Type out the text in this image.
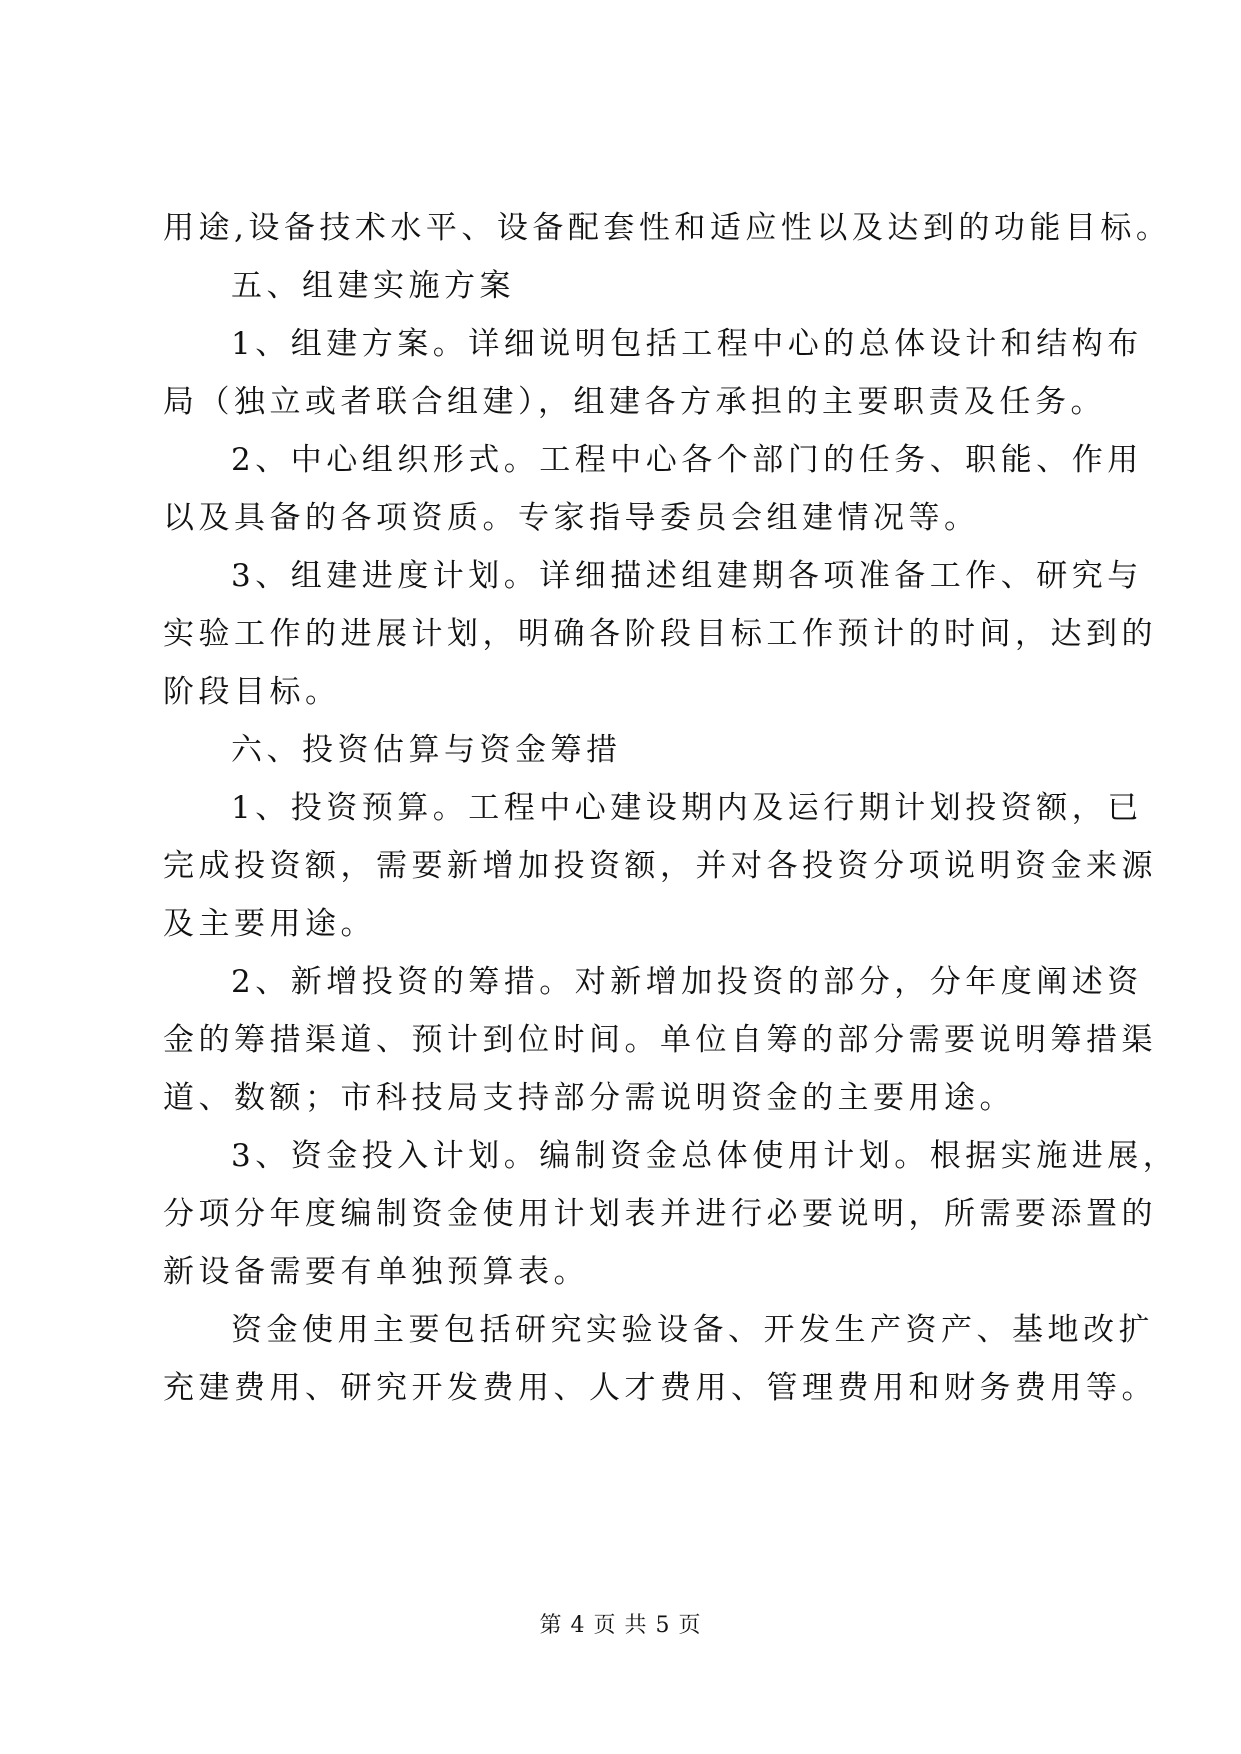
用途,设备技术水平、设备配套性和适应性以及达到的功能目标。
五、组建实施方案
1、组建方案。详细说明包括工程中心的总体设计和结构布
局（独立或者联合组建），组建各方承担的主要职责及任务。
2、中心组织形式。工程中心各个部门的任务、职能、作用
以及具备的各项资质。专家指导委员会组建情况等。
3、组建进度计划。详细描述组建期各项准备工作、研究与
实验工作的进展计划，明确各阶段目标工作预计的时间，达到的
阶段目标。
六、投资估算与资金筹措
1、投资预算。工程中心建设期内及运行期计划投资额，已
完成投资额，需要新增加投资额，并对各投资分项说明资金来源
及主要用途。
2、新增投资的筹措。对新增加投资的部分，分年度阐述资
金的筹措渠道、预计到位时间。单位自筹的部分需要说明筹措渠
道、数额；市科技局支持部分需说明资金的主要用途。
3、资金投入计划。编制资金总体使用计划。根据实施进展，
分项分年度编制资金使用计划表并进行必要说明，所需要添置的
新设备需要有单独预算表。
资金使用主要包括研究实验设备、开发生产资产、基地改扩
充建费用、研究开发费用、人才费用、管理费用和财务费用等。
第 4 页 共 5 页
